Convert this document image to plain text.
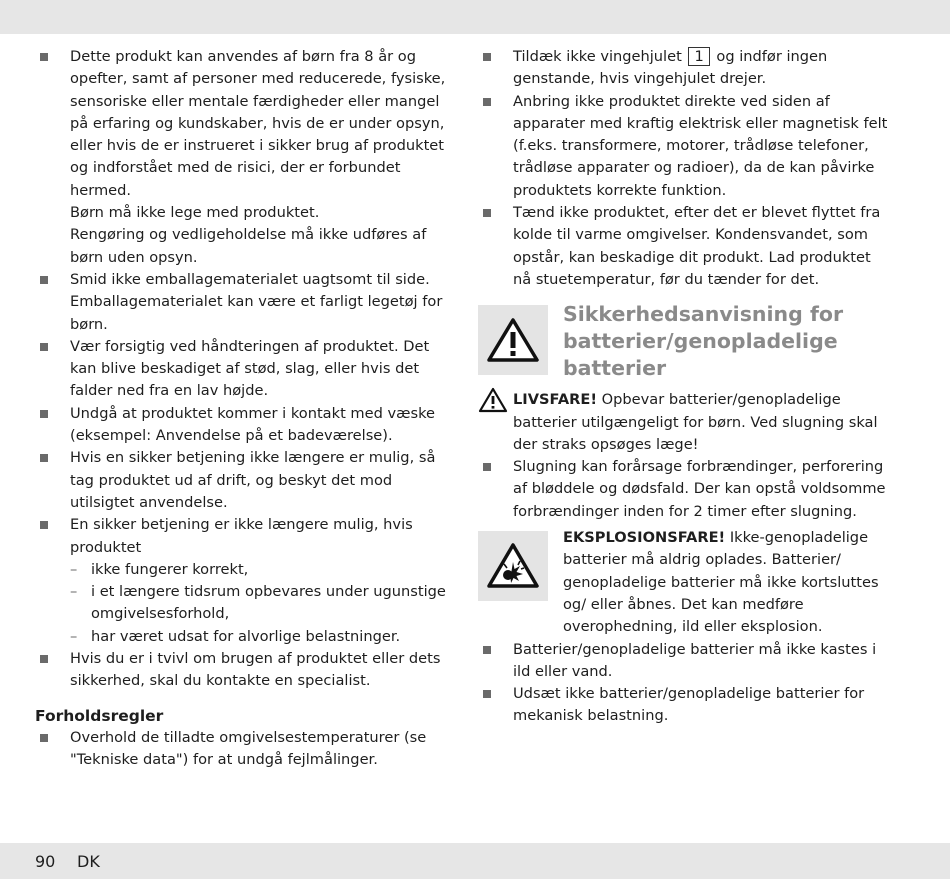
Dette produkt kan anvendes af børn fra 8 år og opefter, samt af personer med reducerede, fysiske, sensoriske eller mentale færdigheder eller mangel på erfaring og kundskaber, hvis de er under opsyn, eller hvis de er instrueret i sikker brug af produktet og indforstået med de risici, der er forbundet hermed.
Børn må ikke lege med produktet.
Rengøring og vedligeholdelse må ikke udføres af børn uden opsyn.
Smid ikke emballagematerialet uagtsomt til side. Emballagematerialet kan være et farligt legetøj for børn.
Vær forsigtig ved håndteringen af produktet. Det kan blive beskadiget af stød, slag, eller hvis det falder ned fra en lav højde.
Undgå at produktet kommer i kontakt med væske (eksempel: Anvendelse på et badeværelse).
Hvis en sikker betjening ikke længere er mulig, så tag produktet ud af drift, og beskyt det mod utilsigtet anvendelse.
En sikker betjening er ikke længere mulig, hvis produktet
– ikke fungerer korrekt,
– i et længere tidsrum opbevares under ugunstige omgivelsesforhold,
– har været udsat for alvorlige belastninger.
Hvis du er i tvivl om brugen af produktet eller dets sikkerhed, skal du kontakte en specialist.
Forholdsregler
Overhold de tilladte omgivelsestemperaturer (se "Tekniske data") for at undgå fejlmålinger.
Tildæk ikke vingehjulet 1 og indfør ingen genstande, hvis vingehjulet drejer.
Anbring ikke produktet direkte ved siden af apparater med kraftig elektrisk eller magnetisk felt (f.eks. transformere, motorer, trådløse telefoner, trådløse apparater og radioer), da de kan påvirke produktets korrekte funktion.
Tænd ikke produktet, efter det er blevet flyttet fra kolde til varme omgivelser. Kondensvandet, som opstår, kan beskadige dit produkt. Lad produktet nå stuetemperatur, før du tænder for det.
Sikkerhedsanvisning for batterier/genopladelige batterier
LIVSFARE! Opbevar batterier/genopladelige batterier utilgængeligt for børn. Ved slugning skal der straks opsøges læge!
Slugning kan forårsage forbrændinger, perforering af bløddele og dødsfald. Der kan opstå voldsomme forbrændinger inden for 2 timer efter slugning.
EKSPLOSIONSFARE! Ikke-genopladelige batterier må aldrig oplades. Batterier/ genopladelige batterier må ikke kortsluttes og/ eller åbnes. Det kan medføre overophedning, ild eller eksplosion.
Batterier/genopladelige batterier må ikke kastes i ild eller vand.
Udsæt ikke batterier/genopladelige batterier for mekanisk belastning.
90 DK
